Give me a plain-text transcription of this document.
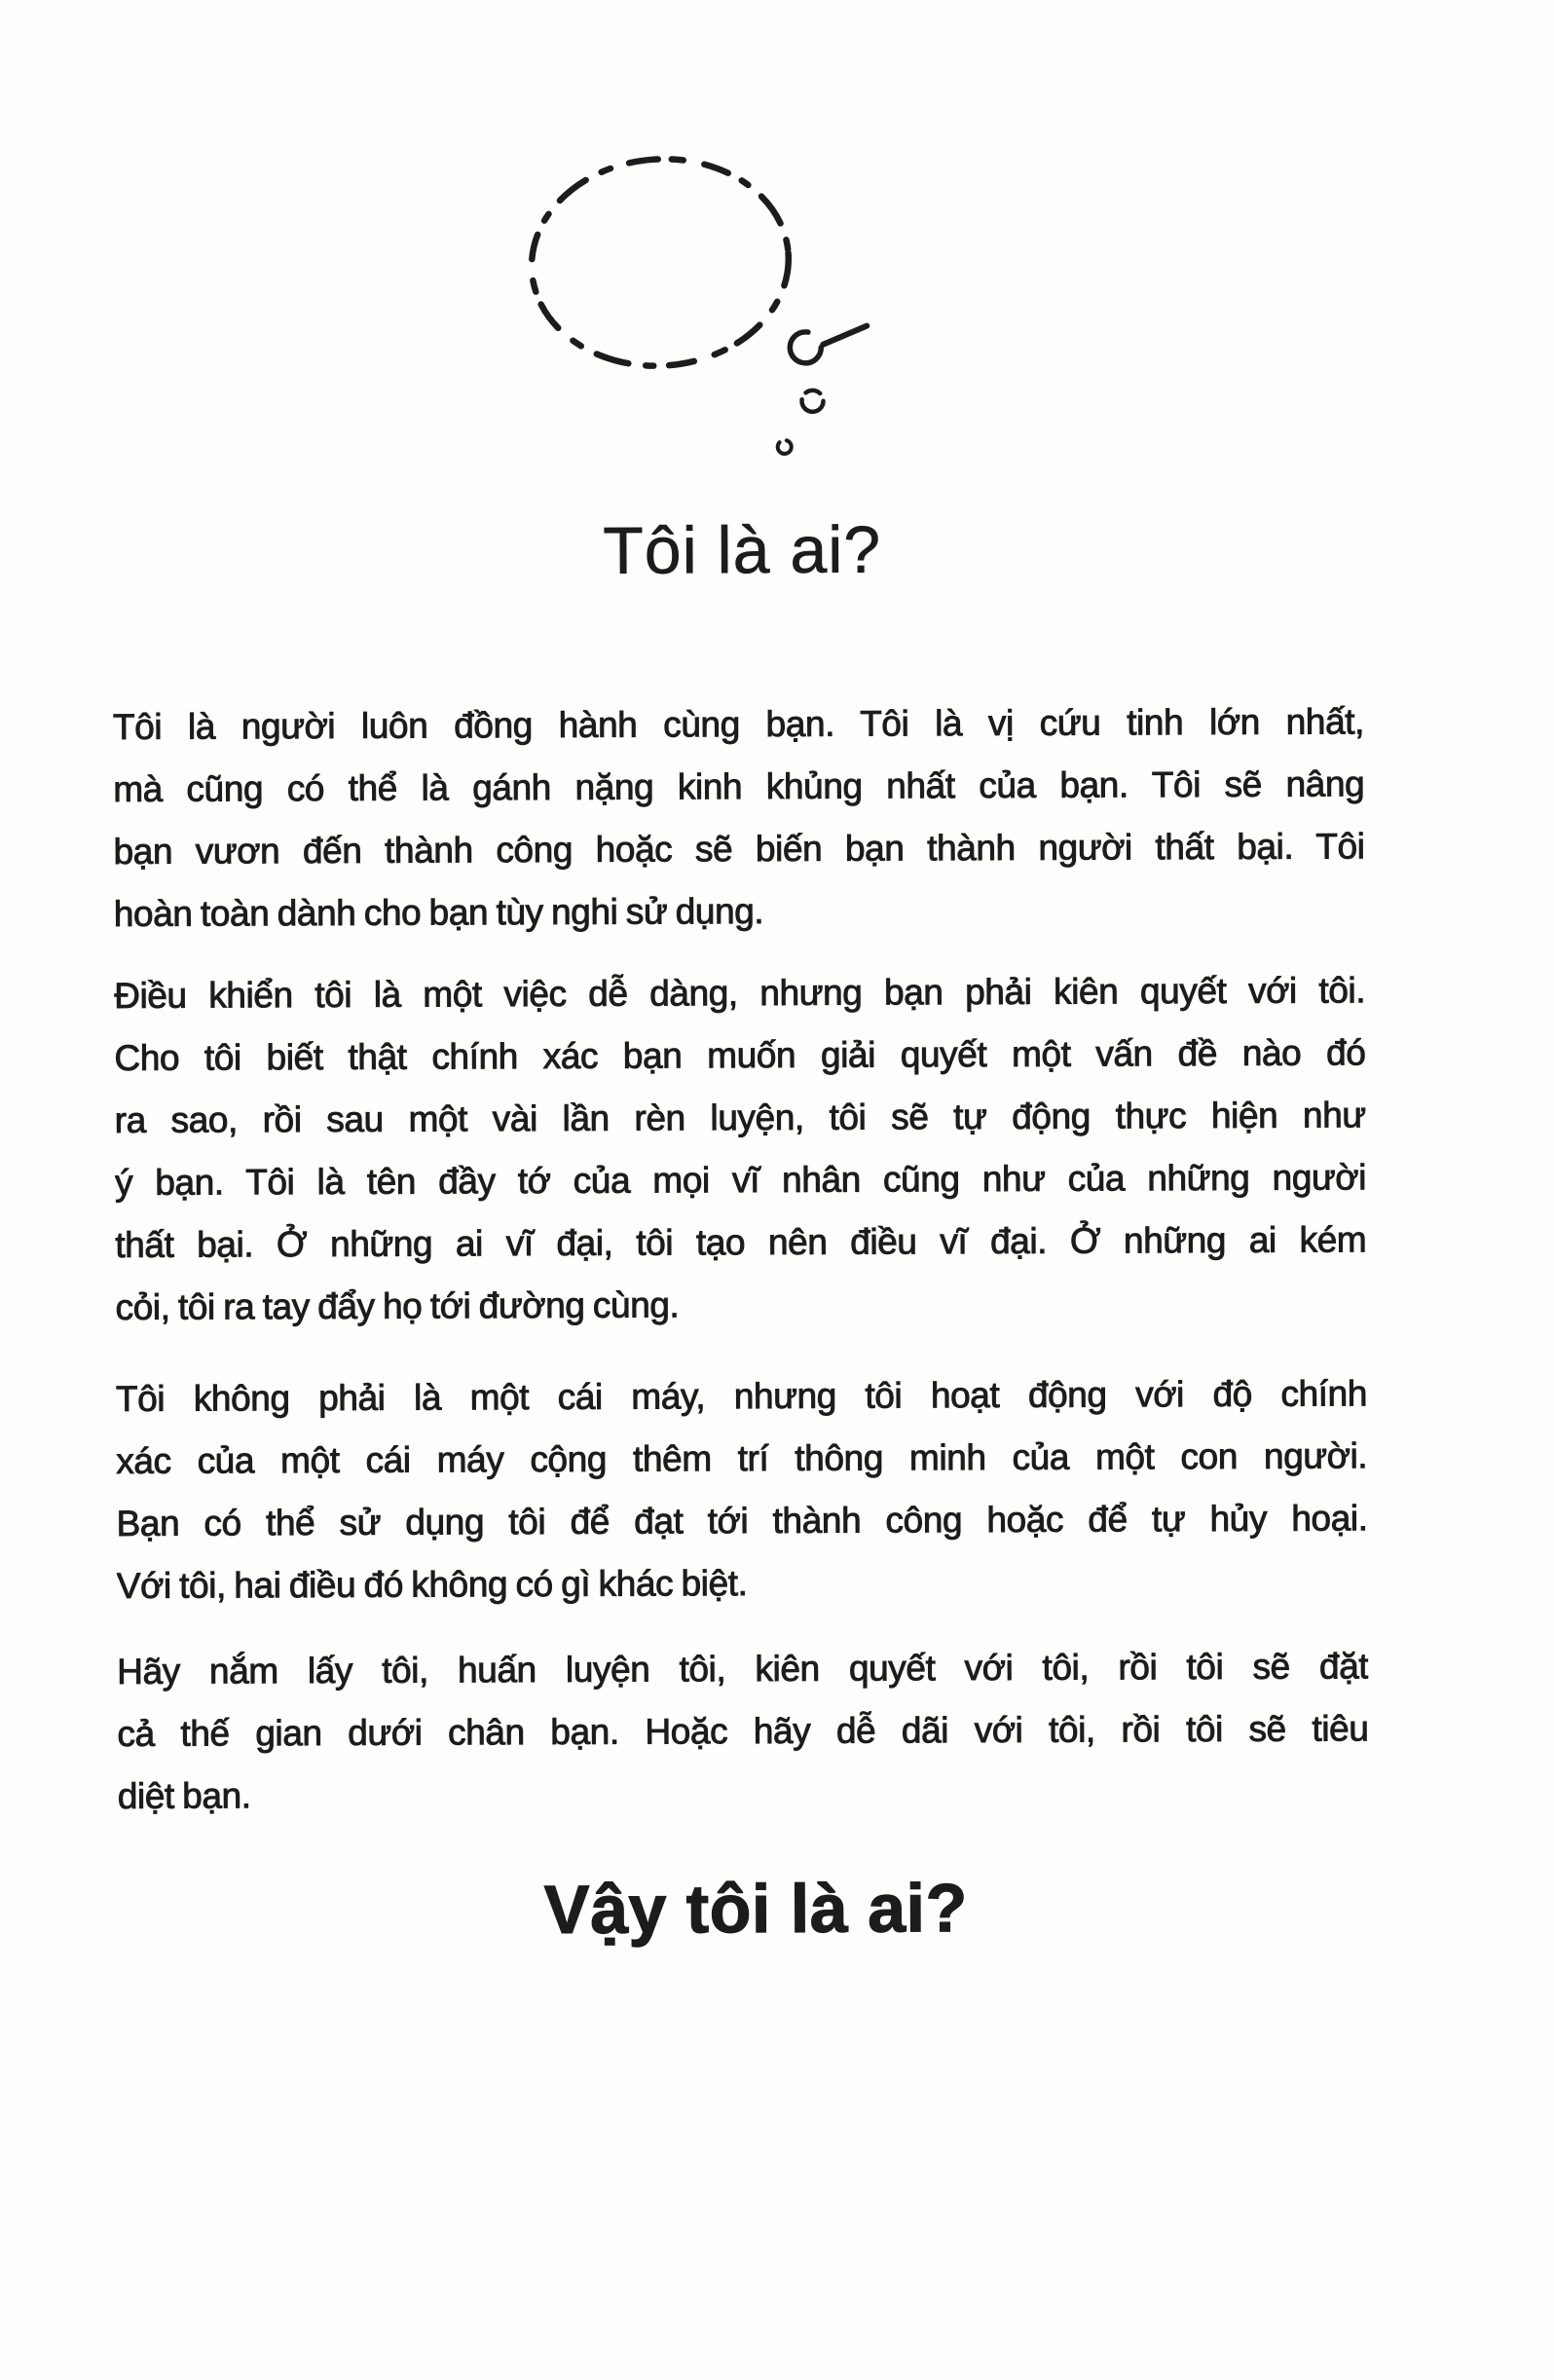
Tôi là ai?
Tôi là người luôn đồng hành cùng bạn. Tôi là vị cứu tinh lớn nhất,
mà cũng có thể là gánh nặng kinh khủng nhất của bạn. Tôi sẽ nâng
bạn vươn đến thành công hoặc sẽ biến bạn thành người thất bại. Tôi
hoàn toàn dành cho bạn tùy nghi sử dụng.
Điều khiển tôi là một việc dễ dàng, nhưng bạn phải kiên quyết với tôi.
Cho tôi biết thật chính xác bạn muốn giải quyết một vấn đề nào đó
ra sao, rồi sau một vài lần rèn luyện, tôi sẽ tự động thực hiện như
ý bạn. Tôi là tên đầy tớ của mọi vĩ nhân cũng như của những người
thất bại. Ở những ai vĩ đại, tôi tạo nên điều vĩ đại. Ở những ai kém
cỏi, tôi ra tay đẩy họ tới đường cùng.
Tôi không phải là một cái máy, nhưng tôi hoạt động với độ chính
xác của một cái máy cộng thêm trí thông minh của một con người.
Bạn có thể sử dụng tôi để đạt tới thành công hoặc để tự hủy hoại.
Với tôi, hai điều đó không có gì khác biệt.
Hãy nắm lấy tôi, huấn luyện tôi, kiên quyết với tôi, rồi tôi sẽ đặt
cả thế gian dưới chân bạn. Hoặc hãy dễ dãi với tôi, rồi tôi sẽ tiêu
diệt bạn.
Vậy tôi là ai?
